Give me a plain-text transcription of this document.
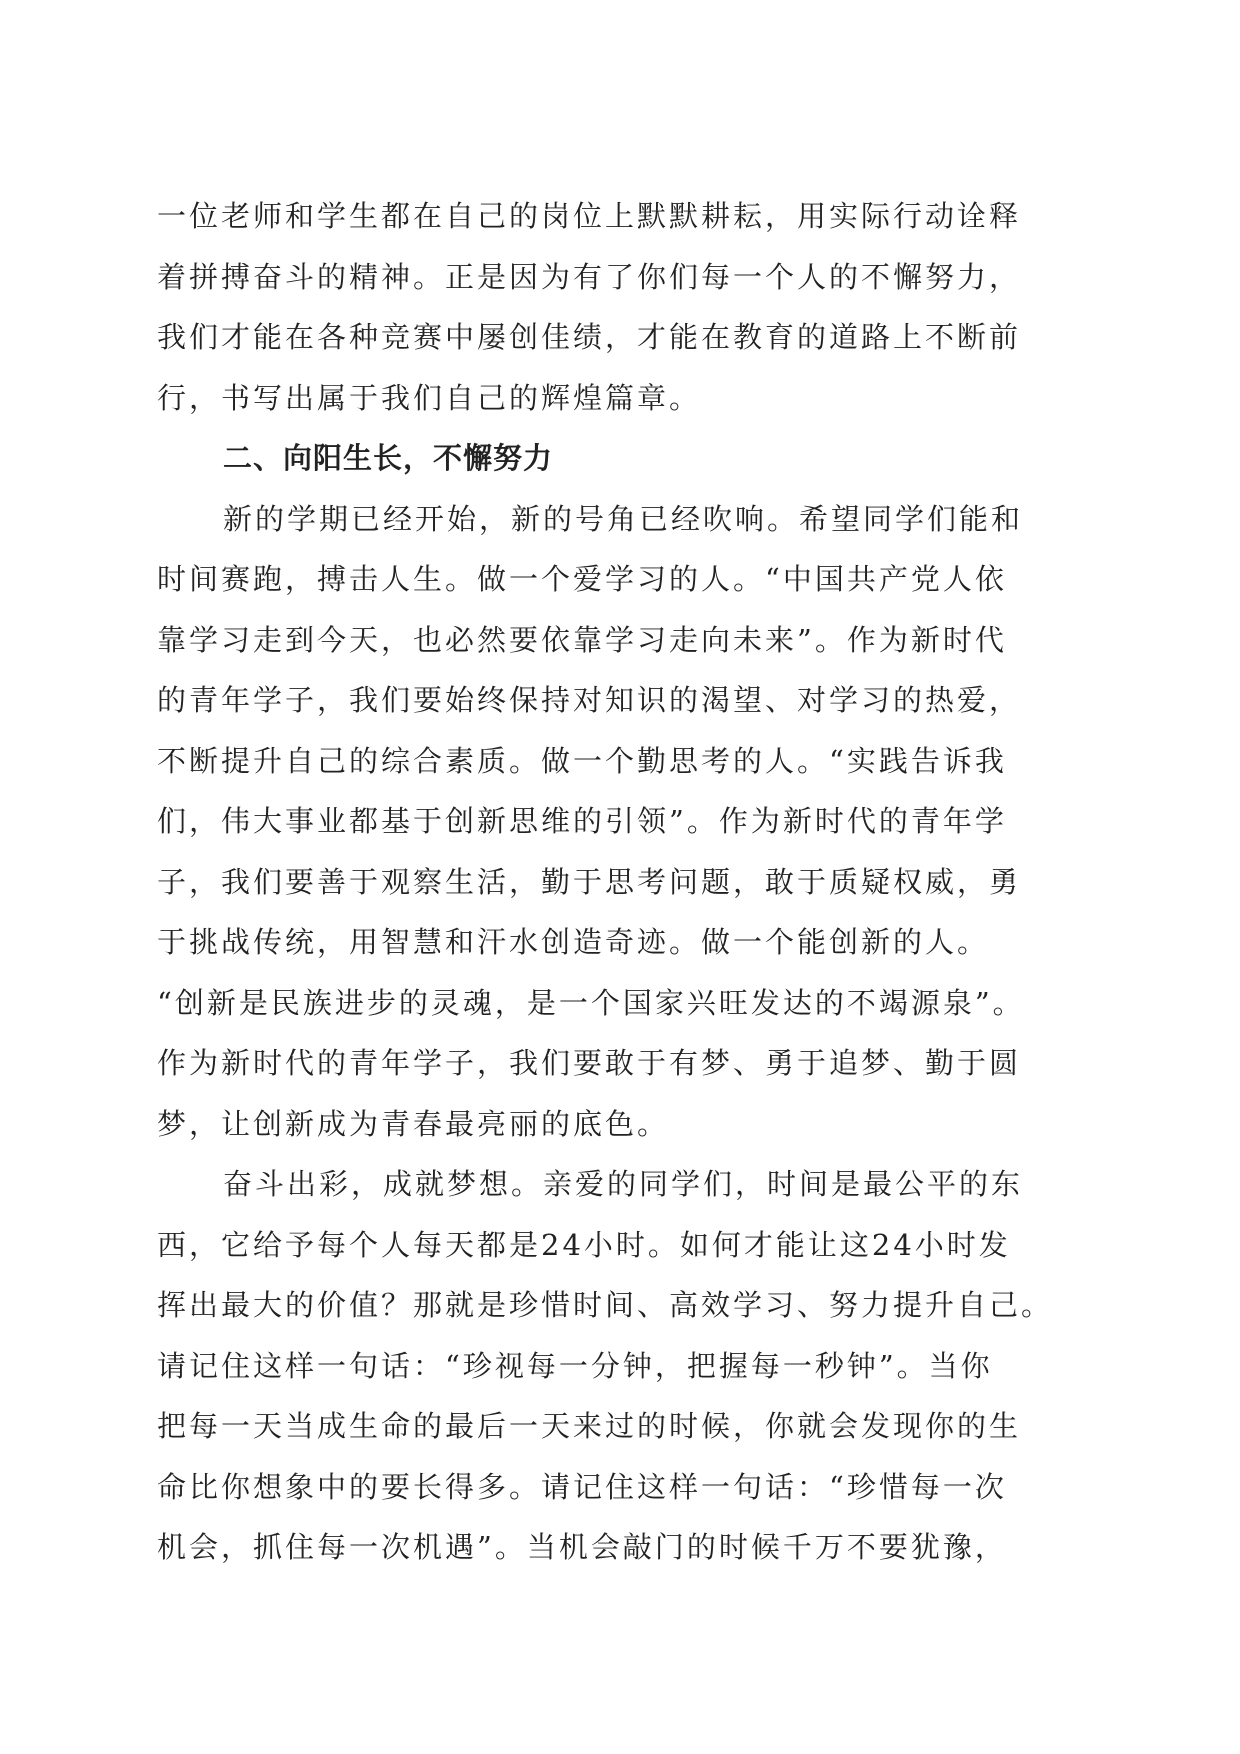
一位老师和学生都在自己的岗位上默默耕耘，用实际行动诠释
着拼搏奋斗的精神。正是因为有了你们每一个人的不懈努力，
我们才能在各种竞赛中屡创佳绩，才能在教育的道路上不断前
行，书写出属于我们自己的辉煌篇章。
二、向阳生长，不懈努力
新的学期已经开始，新的号角已经吹响。希望同学们能和
时间赛跑，搏击人生。做一个爱学习的人。“中国共产党人依
靠学习走到今天，也必然要依靠学习走向未来”。作为新时代
的青年学子，我们要始终保持对知识的渴望、对学习的热爱，
不断提升自己的综合素质。做一个勤思考的人。“实践告诉我
们，伟大事业都基于创新思维的引领”。作为新时代的青年学
子，我们要善于观察生活，勤于思考问题，敢于质疑权威，勇
于挑战传统，用智慧和汗水创造奇迹。做一个能创新的人。
“创新是民族进步的灵魂，是一个国家兴旺发达的不竭源泉”。
作为新时代的青年学子，我们要敢于有梦、勇于追梦、勤于圆
梦，让创新成为青春最亮丽的底色。
奋斗出彩，成就梦想。亲爱的同学们，时间是最公平的东
西，它给予每个人每天都是24小时。如何才能让这24小时发
挥出最大的价值？那就是珍惜时间、高效学习、努力提升自己。
请记住这样一句话：“珍视每一分钟，把握每一秒钟”。当你
把每一天当成生命的最后一天来过的时候，你就会发现你的生
命比你想象中的要长得多。请记住这样一句话：“珍惜每一次
机会，抓住每一次机遇”。当机会敲门的时候千万不要犹豫，
